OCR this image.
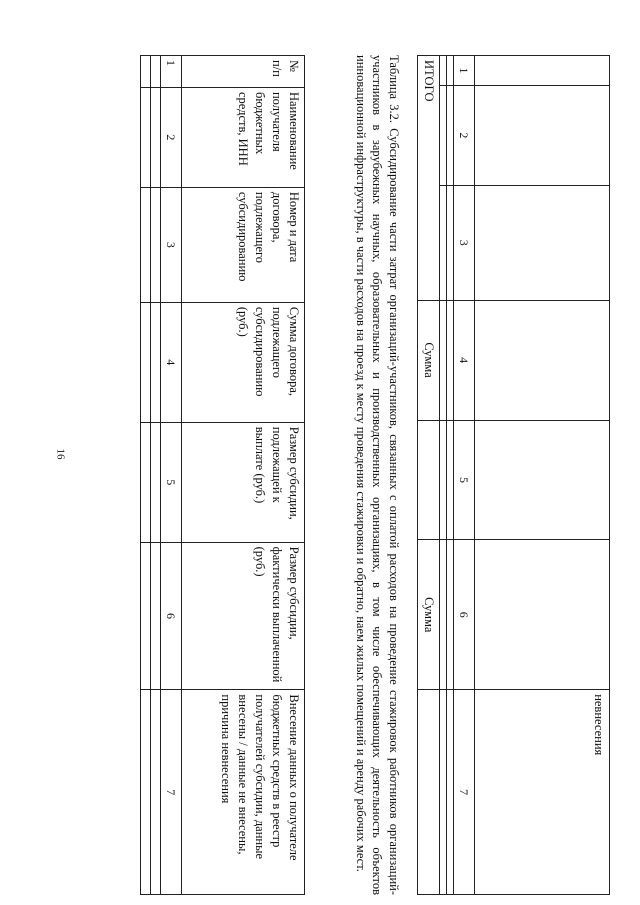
16
						невнесения
1	2	3	4	5	6	7

ИТОГО			Сумма		Сумма	
Таблица 3.2. Субсидирование части затрат организаций-участников, связанных с оплатой расходов на проведение стажировок работников организаций-участников в зарубежных научных, образовательных и производственных организациях, в том числе обеспечивающих деятельность объектов инновационной инфраструктуры, в части расходов на проезд к месту проведения стажировки и обратно, наем жилых помещений и аренду рабочих мест.
№ п/п	Наименование получателя бюджетных средств, ИНН	Номер и дата договора, подлежащего субсидированию	Сумма договора, подлежащего субсидированию (руб.)	Размер субсидии, подлежащей к выплате (руб.)	Размер субсидии, фактически выплаченной (руб.)	Внесение данных о получателе бюджетных средств в реестр получателей субсидии, данные внесены / данные не внесены, причина невнесения
1	2	3	4	5	6	7
